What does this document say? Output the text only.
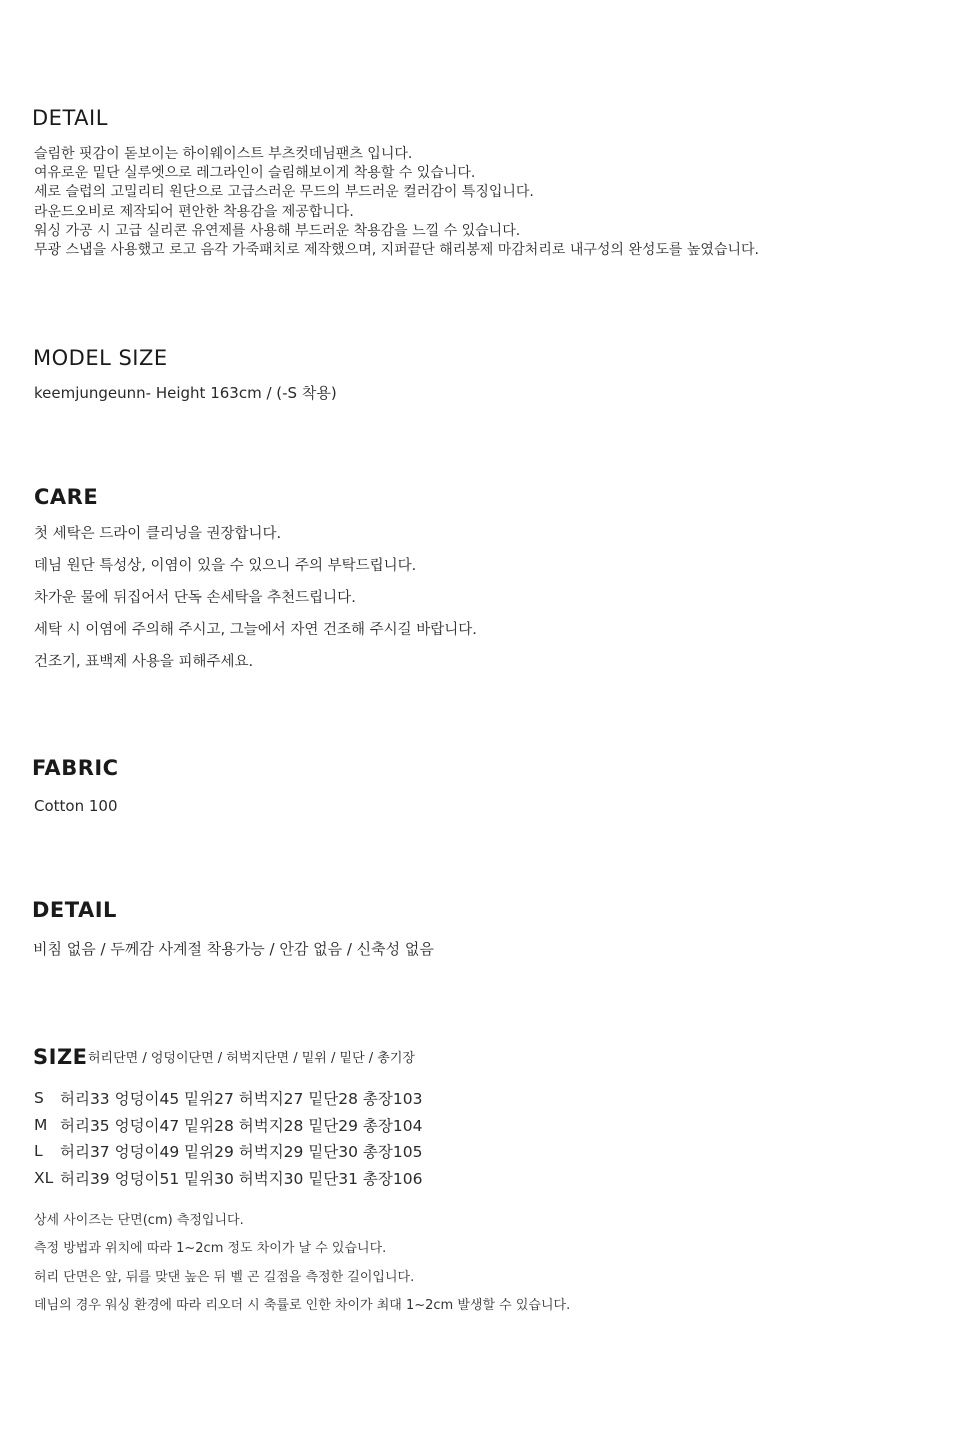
DETAIL
슬림한 핏감이 돋보이는 하이웨이스트 부츠컷데님팬츠 입니다.
여유로운 밑단 실루엣으로 레그라인이 슬림해보이게 착용할 수 있습니다.
세로 슬럽의 고밀리티 원단으로 고급스러운 무드의 부드러운 컬러감이 특징입니다.
라운드오비로 제작되어 편안한 착용감을 제공합니다.
워싱 가공 시 고급 실리콘 유연제를 사용해 부드러운 착용감을 느낄 수 있습니다.
무광 스냅을 사용했고 로고 음각 가죽패치로 제작했으며, 지퍼끝단 해리봉제 마감처리로 내구성의 완성도를 높였습니다.
MODEL SIZE
keemjungeunn- Height 163cm / (-S 착용)
CARE
첫 세탁은 드라이 클리닝을 권장합니다.
데님 원단 특성상, 이염이 있을 수 있으니 주의 부탁드립니다.
차가운 물에 뒤집어서 단독 손세탁을 추천드립니다.
세탁 시 이염에 주의해 주시고, 그늘에서 자연 건조해 주시길 바랍니다.
건조기, 표백제 사용을 피해주세요.
FABRIC
Cotton 100
DETAIL
비침 없음 / 두께감 사계절 착용가능 / 안감 없음 / 신축성 없음
SIZE 허리단면 / 엉덩이단면 / 허벅지단면 / 밑위 / 밑단 / 총기장
S	허리33 엉덩이45 밑위27 허벅지27 밑단28 총장103
M	허리35 엉덩이47 밑위28 허벅지28 밑단29 총장104
L	허리37 엉덩이49 밑위29 허벅지29 밑단30 총장105
XL	허리39 엉덩이51 밑위30 허벅지30 밑단31 총장106
상세 사이즈는 단면(cm) 측정입니다.
측정 방법과 위치에 따라 1~2cm 정도 차이가 날 수 있습니다.
허리 단면은 앞, 뒤를 맞댄 높은 뒤 벨 곤 길점을 측정한 길이입니다.
데님의 경우 워싱 환경에 따라 리오더 시 축률로 인한 차이가 최대 1~2cm 발생할 수 있습니다.
